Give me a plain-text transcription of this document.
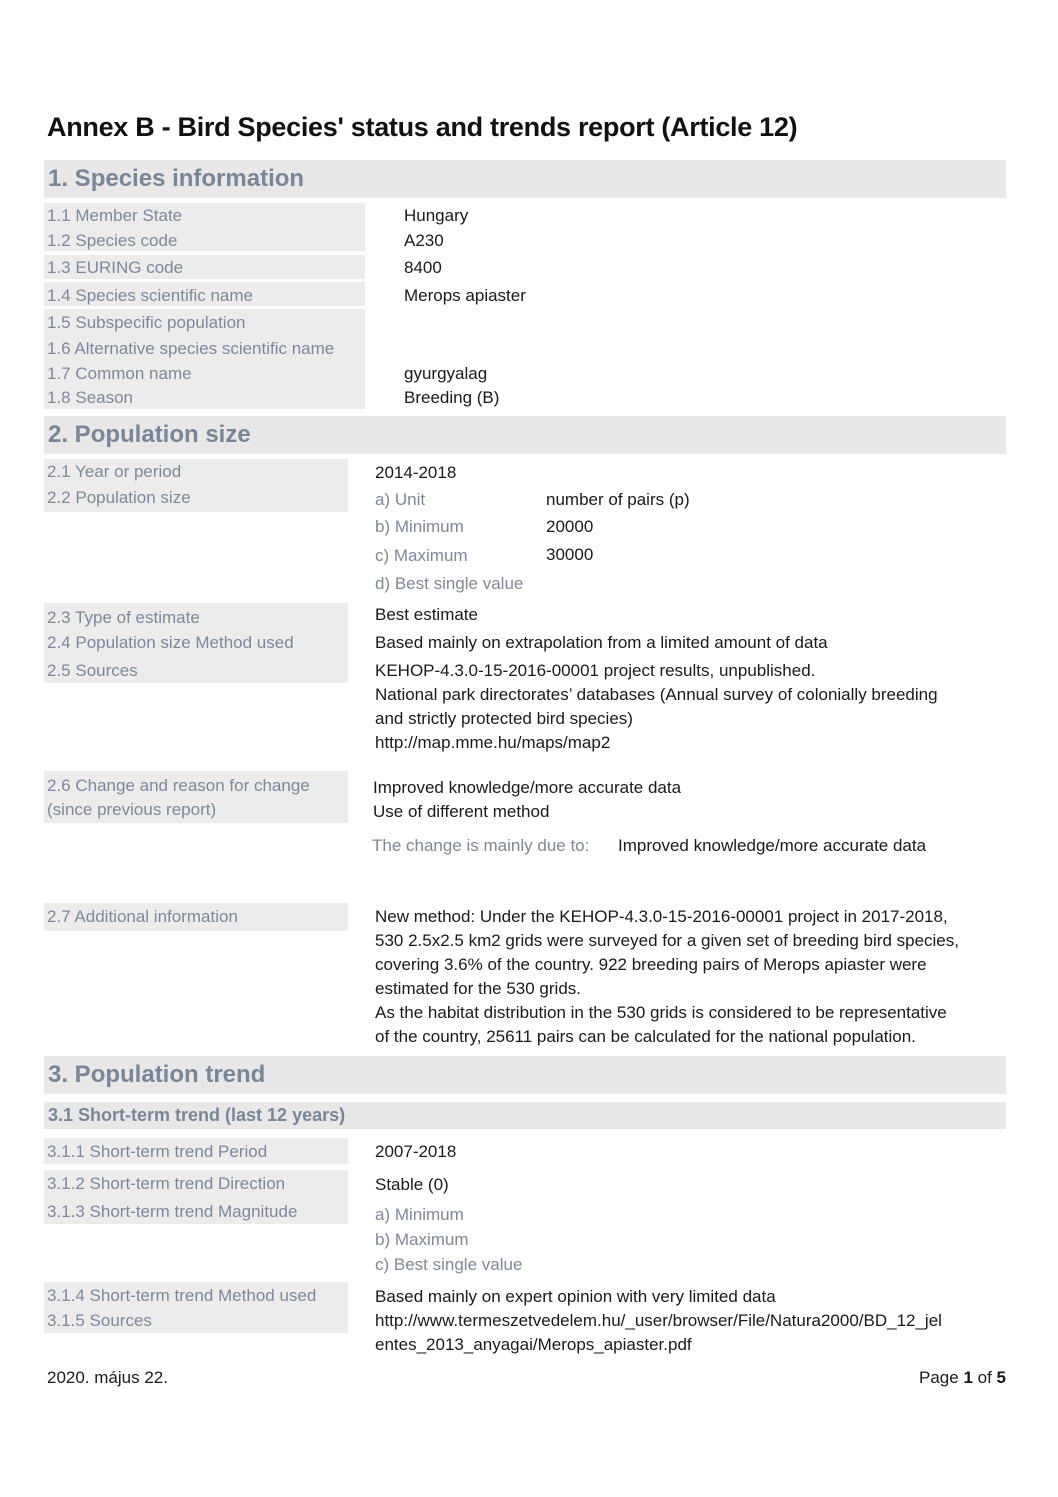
Annex B - Bird Species' status and trends report (Article 12)
1. Species information
1.1 Member State	Hungary
1.2 Species code	A230
1.3 EURING code	8400
1.4 Species scientific name	Merops apiaster
1.5 Subspecific population
1.6 Alternative species scientific name
1.7 Common name	gyurgyalag
1.8 Season	Breeding (B)
2. Population size
2.1 Year or period	2014-2018
2.2 Population size	a) Unit	number of pairs (p)
b) Minimum	20000
c) Maximum	30000
d) Best single value
2.3 Type of estimate	Best estimate
2.4 Population size Method used	Based mainly on extrapolation from a limited amount of data
2.5 Sources	KEHOP-4.3.0-15-2016-00001 project results, unpublished.
National park directorates’ databases (Annual survey of colonially breeding
and strictly protected bird species)
http://map.mme.hu/maps/map2
2.6 Change and reason for change
(since previous report)
Improved knowledge/more accurate data
Use of different method
The change is mainly due to: Improved knowledge/more accurate data
2.7 Additional information	New method: Under the KEHOP-4.3.0-15-2016-00001 project in 2017-2018,
530 2.5x2.5 km2 grids were surveyed for a given set of breeding bird species,
covering 3.6% of the country. 922 breeding pairs of Merops apiaster were
estimated for the 530 grids.
As the habitat distribution in the 530 grids is considered to be representative
of the country, 25611 pairs can be calculated for the national population.
3. Population trend
3.1 Short-term trend (last 12 years)
3.1.1 Short-term trend Period	2007-2018
3.1.2 Short-term trend Direction	Stable (0)
3.1.3 Short-term trend Magnitude	a) Minimum
b) Maximum
c) Best single value
3.1.4 Short-term trend Method used	Based mainly on expert opinion with very limited data
3.1.5 Sources	http://www.termeszetvedelem.hu/_user/browser/File/Natura2000/BD_12_jel
entes_2013_anyagai/Merops_apiaster.pdf
2020. május 22.	Page 1 of 5
